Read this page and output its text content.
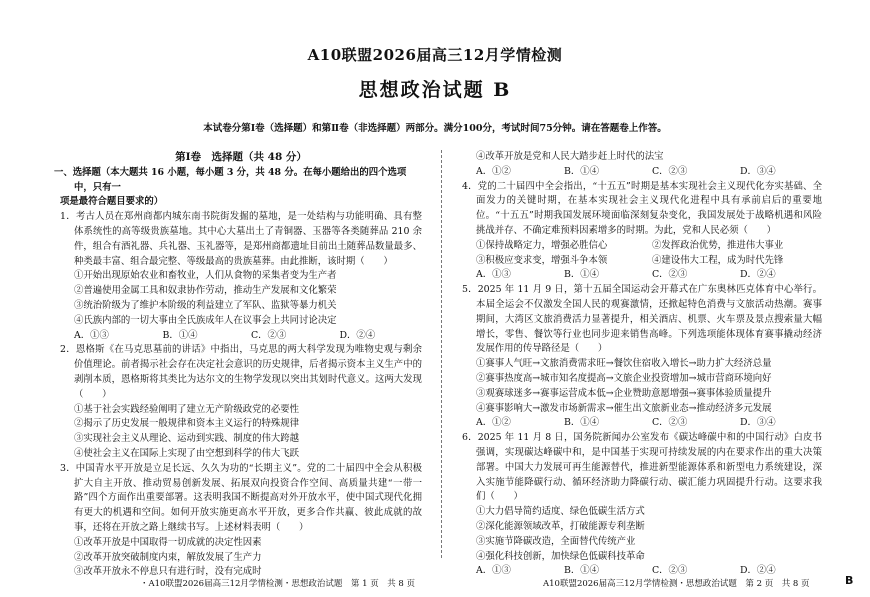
A10联盟2026届高三12月学情检测
思想政治试题 B
本试卷分第Ⅰ卷（选择题）和第Ⅱ卷（非选择题）两部分。满分100分，考试时间75分钟。请在答题卷上作答。
第Ⅰ卷　选择题（共 48 分）
一、选择题（本大题共 16 小题，每小题 3 分，共 48 分。在每小题给出的四个选项中，只有一
项是最符合题目要求的）
1．考古人员在郑州商都内城东南书院街发掘的墓地，是一处结构与功能明确、具有整体系统性的高等级贵族墓地。其中心大墓出土了青铜器、玉器等各类随葬品 210 余件，组合有酒礼器、兵礼器、玉礼器等，是郑州商都遗址目前出土随葬品数量最多、种类最丰富、组合最完整、等级最高的贵族墓葬。由此推断，该时期（　　）
①开始出现原始农业和畜牧业，人们从食物的采集者变为生产者
②普遍使用金属工具和奴隶协作劳动，推动生产发展和文化繁荣
③统治阶级为了维护本阶级的利益建立了军队、监狱等暴力机关
④氏族内部的一切大事由全氏族成年人在议事会上共同讨论决定
A．①③	B．①④	C．②③	D．②④
2．恩格斯《在马克思墓前的讲话》中指出，马克思的两大科学发现为唯物史观与剩余价值理论。前者揭示社会存在决定社会意识的历史规律，后者揭示资本主义生产中的剥削本质，恩格斯将其类比为达尔文的生物学发现以突出其划时代意义。这两大发现（　　）
①基于社会实践经验阐明了建立无产阶级政党的必要性
②揭示了历史发展一般规律和资本主义运行的特殊规律
③实现社会主义从理论、运动到实践、制度的伟大跨越
④使社会主义在国际上实现了由空想到科学的伟大飞跃
3．中国青水平开放是立足长远、久久为功的“长期主义”。党的二十届四中全会从积极扩大自主开放、推动贸易创新发展、拓展双向投资合作空间、高质量共建“一带一路”四个方面作出重要部署。这表明我国不断提高对外开放水平，使中国式现代化拥有更大的机遇和空间。如何开放实施更高水平开放，更多合作共赢、彼此成就的故事，还将在开放之路上继续书写。上述材料表明（　　）
①改革开放是中国取得一切成就的决定性因素
②改革开放突破制度内束，解放发展了生产力
③改革开放永不停息只有进行时，没有完成时
④改革开放是党和人民大踏步赶上时代的法宝
A．①②	B．①④	C．②③	D．③④
4．党的二十届四中全会指出，“十五五”时期是基本实现社会主义现代化夯实基础、全面发力的关键时期，在基本实现社会主义现代化进程中具有承前启后的重要地位。“十五五”时期我国发展环境面临深刻复杂变化，我国发展处于战略机遇和风险挑战并存、不确定难预料因素增多的时期。为此，党和人民必须（　　）
①保持战略定力，增强必胜信心	②发挥政治优势，推进伟大事业
③积极应变求变，增强斗争本领	④建设伟大工程，成为时代先锋
A．①③	B．①④	C．②③	D．②④
5．2025 年 11 月 9 日，第十五届全国运动会开幕式在广东奥林匹克体育中心举行。本届全运会不仅激发全国人民的观赛激情，还掀起特色消费与文旅活动热潮。赛事期间，大湾区文旅消费活力显著提升，相关酒店、机票、火车票及景点搜索量大幅增长，零售、餐饮等行业也同步迎来销售高峰。下列选项能体现体育赛事撬动经济发展作用的传导路径是（　　）
①赛事人气旺→文旅消费需求旺→餐饮住宿收入增长→助力扩大经济总量
②赛事热度高→城市知名度提高→文旅企业投资增加→城市营商环境向好
③观赛球迷多→赛事运营成本低→企业赞助意愿增强→赛事体验质量提升
④赛事影响大→激发市场新需求→催生出文旅新业态→推动经济多元发展
A．①②	B．①④	C．②③	D．③④
6．2025 年 11 月 8 日，国务院新闻办公室发布《碳达峰碳中和的中国行动》白皮书强调，实现碳达峰碳中和，是中国基于实现可持续发展的内在要求作出的重大决策部署。中国大力发展可再生能源替代，推进新型能源体系和新型电力系统建设，深入实施节能降碳行动、循环经济助力降碳行动、碳汇能力巩固提升行动。这要求我们（　　）
①大力倡导简约适度、绿色低碳生活方式
②深化能源领域改革，打破能源专利垄断
③实施节降碳改造，全面替代传统产业
④强化科技创新，加快绿色低碳科技革命
A．①③	B．①④	C．②③	D．②④
・A10联盟2026届高三12月学情检测・思想政治试题　第 1 页　共 8 页	A10联盟2026届高三12月学情检测・思想政治试题　第 2 页　共 8 页	B
